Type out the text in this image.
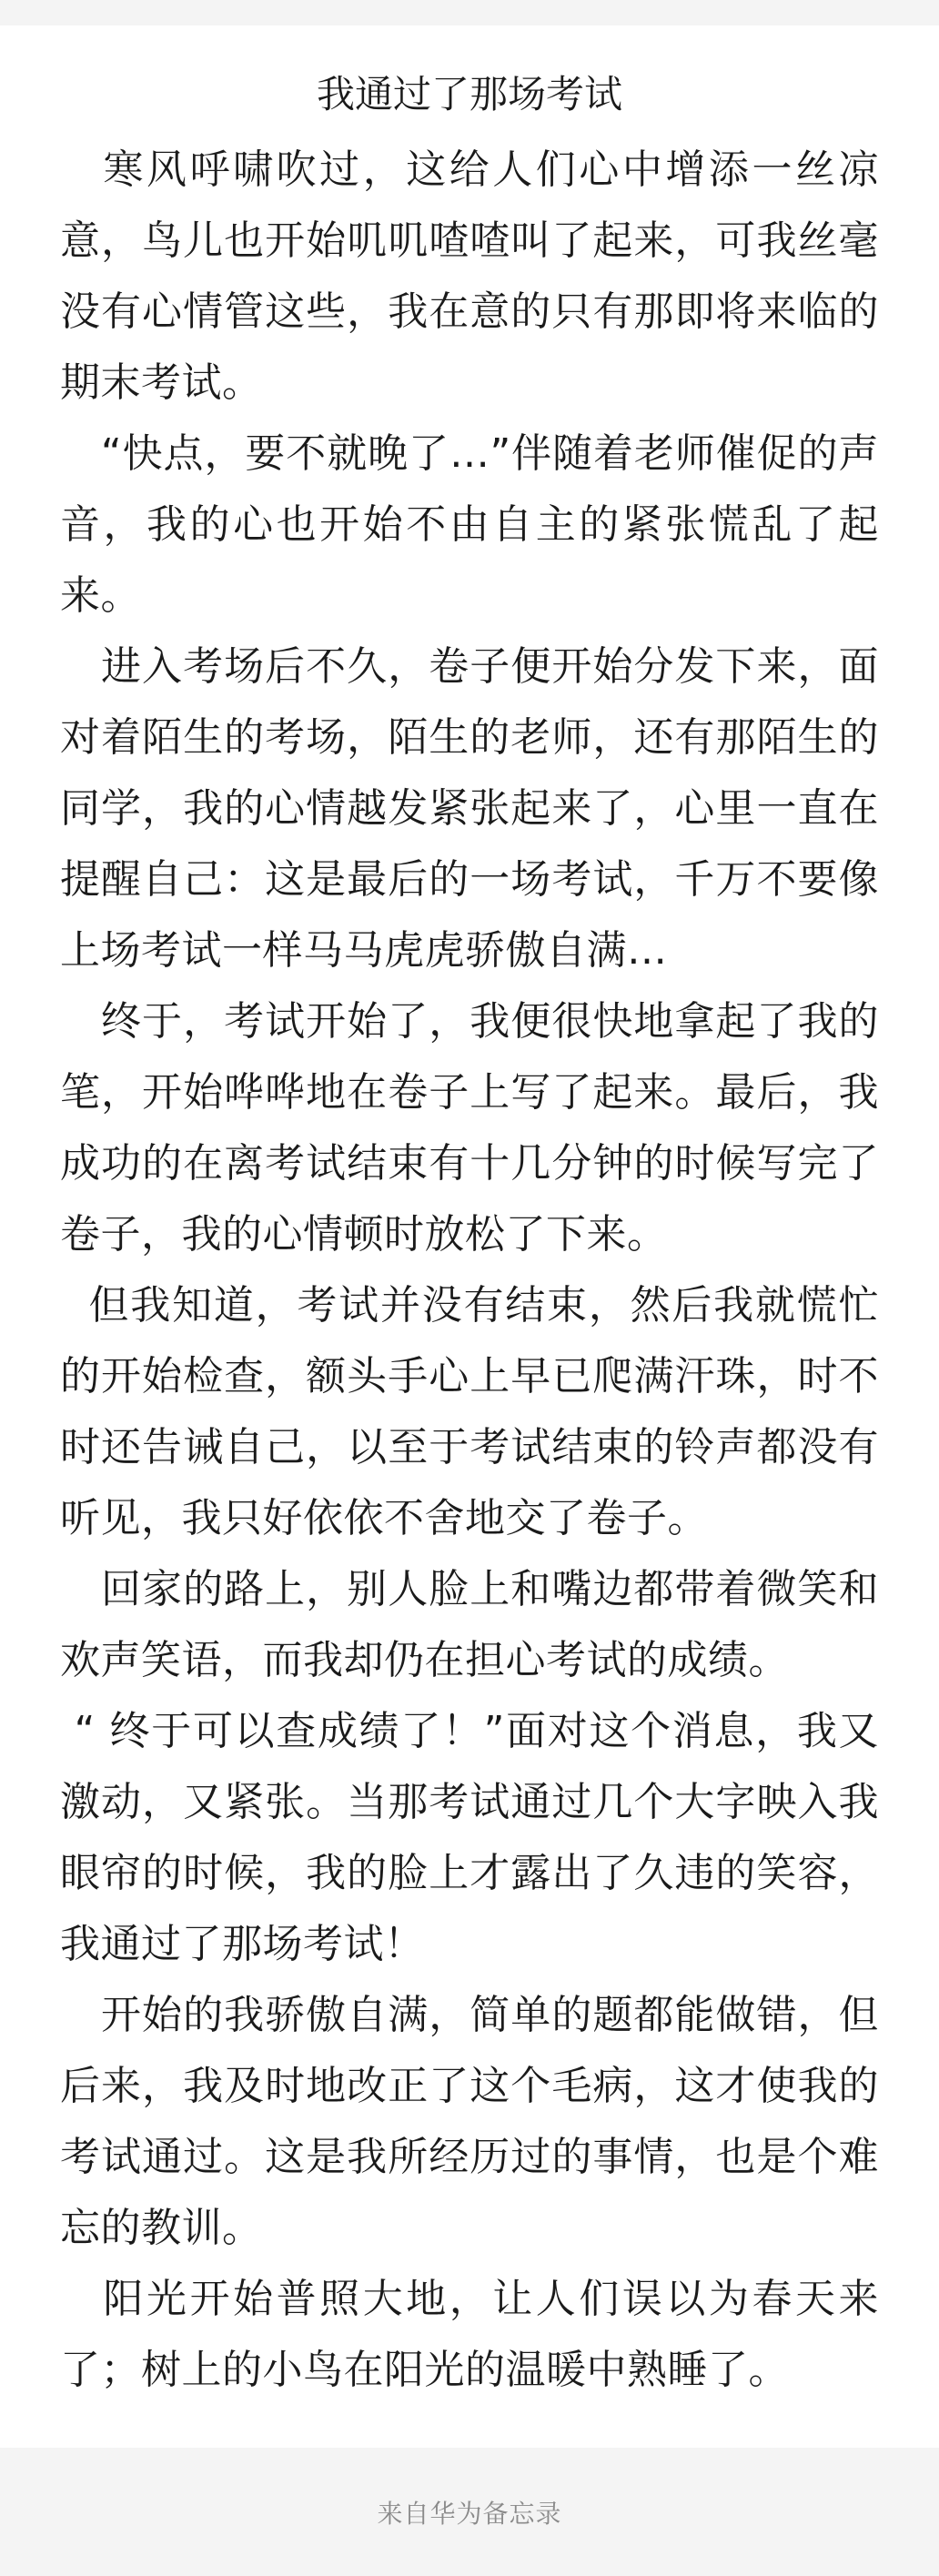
我通过了那场考试

　寒风呼啸吹过，这给人们心中增添一丝凉意，鸟儿也开始叽叽喳喳叫了起来，可我丝毫没有心情管这些，我在意的只有那即将来临的期末考试。

　“快点，要不就晚了…”伴随着老师催促的声音，我的心也开始不由自主的紧张慌乱了起来。

　进入考场后不久，卷子便开始分发下来，面对着陌生的考场，陌生的老师，还有那陌生的同学，我的心情越发紧张起来了，心里一直在提醒自己：这是最后的一场考试，千万不要像上场考试一样马马虎虎骄傲自满…

　终于，考试开始了，我便很快地拿起了我的笔，开始哗哗地在卷子上写了起来。最后，我成功的在离考试结束有十几分钟的时候写完了卷子，我的心情顿时放松了下来。

但我知道，考试并没有结束，然后我就慌忙的开始检查，额头手心上早已爬满汗珠，时不时还告诫自己，以至于考试结束的铃声都没有听见，我只好依依不舍地交了卷子。

　回家的路上，别人脸上和嘴边都带着微笑和欢声笑语，而我却仍在担心考试的成绩。

“ 终于可以查成绩了！”面对这个消息，我又激动，又紧张。当那考试通过几个大字映入我眼帘的时候，我的脸上才露出了久违的笑容，我通过了那场考试！

　开始的我骄傲自满，简单的题都能做错，但后来，我及时地改正了这个毛病，这才使我的考试通过。这是我所经历过的事情，也是个难忘的教训。

　阳光开始普照大地，让人们误以为春天来了；树上的小鸟在阳光的温暖中熟睡了。

来自华为备忘录
